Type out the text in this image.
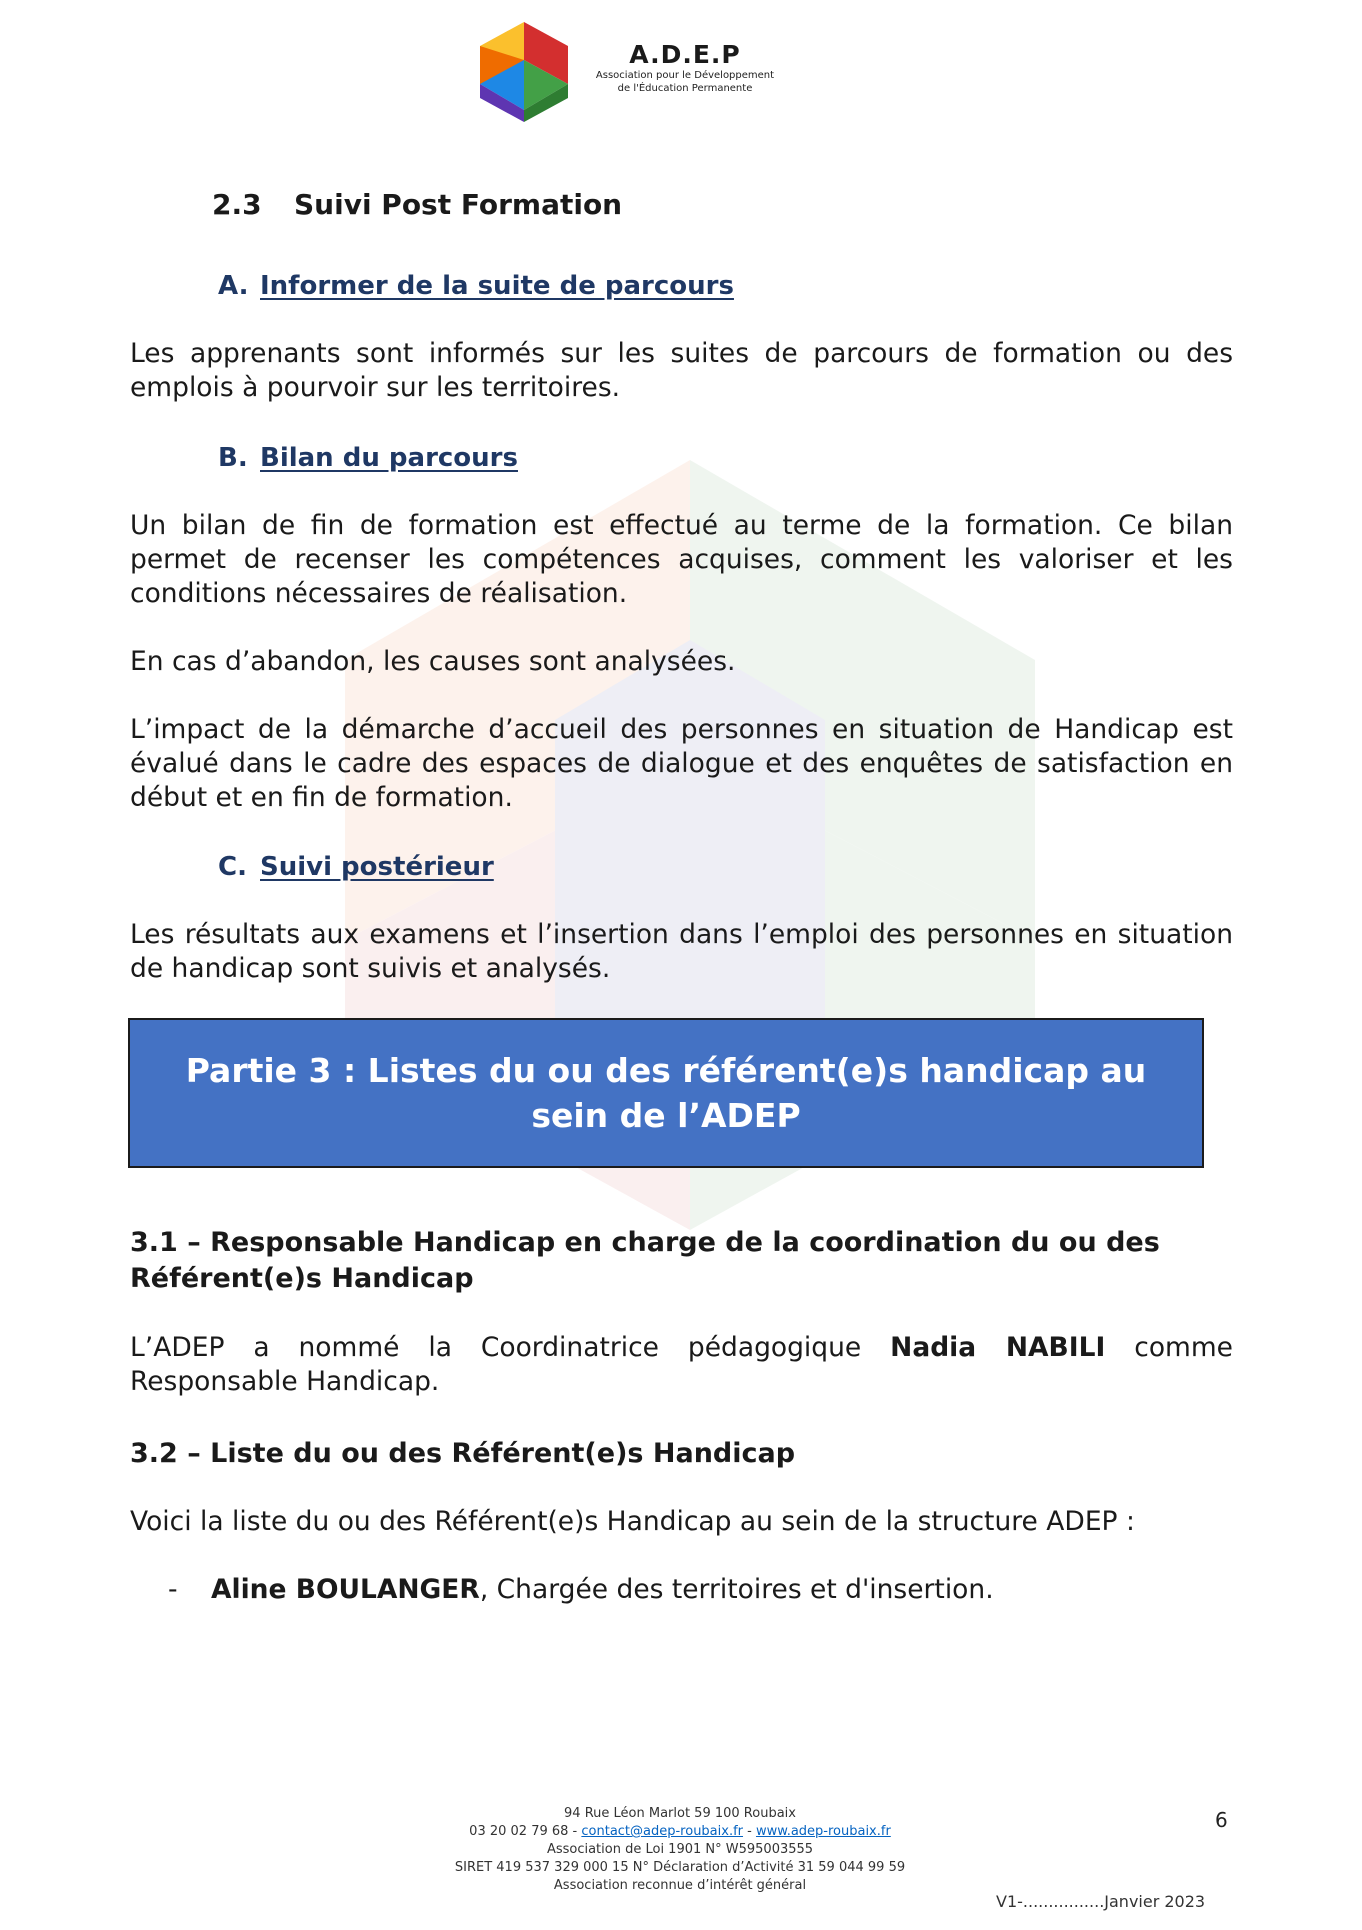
A.D.E.P
Association pour le Développement
de l'Éducation Permanente
2.3 Suivi Post Formation
A. Informer de la suite de parcours
Les apprenants sont informés sur les suites de parcours de formation ou des emplois à pourvoir sur les territoires.
B. Bilan du parcours
Un bilan de fin de formation est effectué au terme de la formation. Ce bilan permet de recenser les compétences acquises, comment les valoriser et les conditions nécessaires de réalisation.
En cas d’abandon, les causes sont analysées.
L’impact de la démarche d’accueil des personnes en situation de Handicap est évalué dans le cadre des espaces de dialogue et des enquêtes de satisfaction en début et en fin de formation.
C. Suivi postérieur
Les résultats aux examens et l’insertion dans l’emploi des personnes en situation de handicap sont suivis et analysés.
Partie 3 : Listes du ou des référent(e)s handicap au
sein de l’ADEP
3.1 – Responsable Handicap en charge de la coordination du ou des Référent(e)s Handicap
L’ADEP a nommé la Coordinatrice pédagogique Nadia NABILI comme Responsable Handicap.
3.2 – Liste du ou des Référent(e)s Handicap
Voici la liste du ou des Référent(e)s Handicap au sein de la structure ADEP :
- Aline BOULANGER, Chargée des territoires et d'insertion.
94 Rue Léon Marlot 59 100 Roubaix
03 20 02 79 68 - contact@adep-roubaix.fr - www.adep-roubaix.fr
Association de Loi 1901 N° W595003555
SIRET 419 537 329 000 15 N° Déclaration d’Activité 31 59 044 99 59
Association reconnue d’intérêt général
6
V1-................Janvier 2023
